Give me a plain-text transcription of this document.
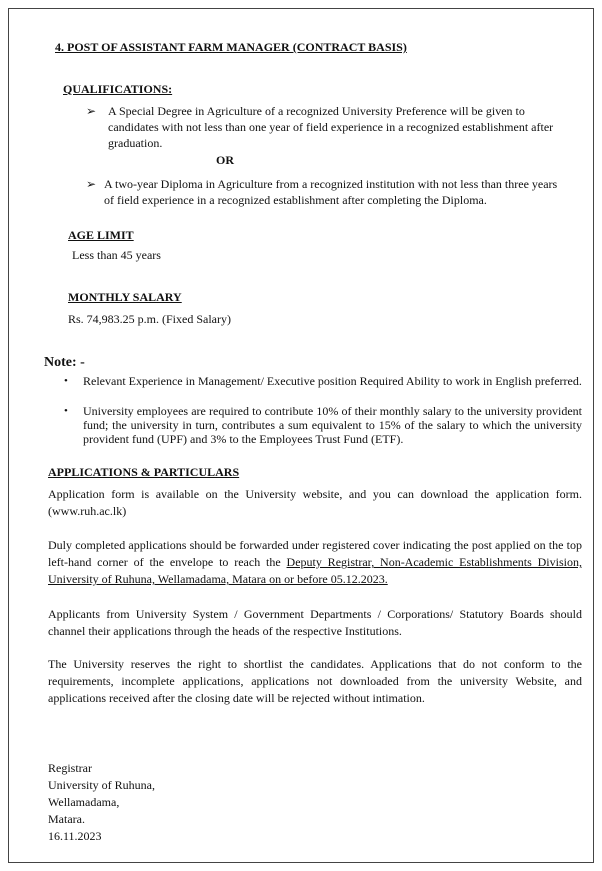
4. POST OF ASSISTANT FARM MANAGER (CONTRACT BASIS)
QUALIFICATIONS:
➢ A Special Degree in Agriculture of a recognized University Preference will be given to candidates with not less than one year of field experience in a recognized establishment after graduation.
OR
➢ A two-year Diploma in Agriculture from a recognized institution with not less than three years of field experience in a recognized establishment after completing the Diploma.
AGE LIMIT
Less than 45 years
MONTHLY SALARY
Rs. 74,983.25 p.m. (Fixed Salary)
Note: -
• Relevant Experience in Management/ Executive position Required Ability to work in English preferred.
• University employees are required to contribute 10% of their monthly salary to the university provident fund; the university in turn, contributes a sum equivalent to 15% of the salary to which the university provident fund (UPF) and 3% to the Employees Trust Fund (ETF).
APPLICATIONS & PARTICULARS
Application form is available on the University website, and you can download the application form. (www.ruh.ac.lk)
Duly completed applications should be forwarded under registered cover indicating the post applied on the top left-hand corner of the envelope to reach the Deputy Registrar, Non-Academic Establishments Division, University of Ruhuna, Wellamadama, Matara on or before 05.12.2023.
Applicants from University System / Government Departments / Corporations/ Statutory Boards should channel their applications through the heads of the respective Institutions.
The University reserves the right to shortlist the candidates. Applications that do not conform to the requirements, incomplete applications, applications not downloaded from the university Website, and applications received after the closing date will be rejected without intimation.
Registrar
University of Ruhuna,
Wellamadama,
Matara.
16.11.2023
